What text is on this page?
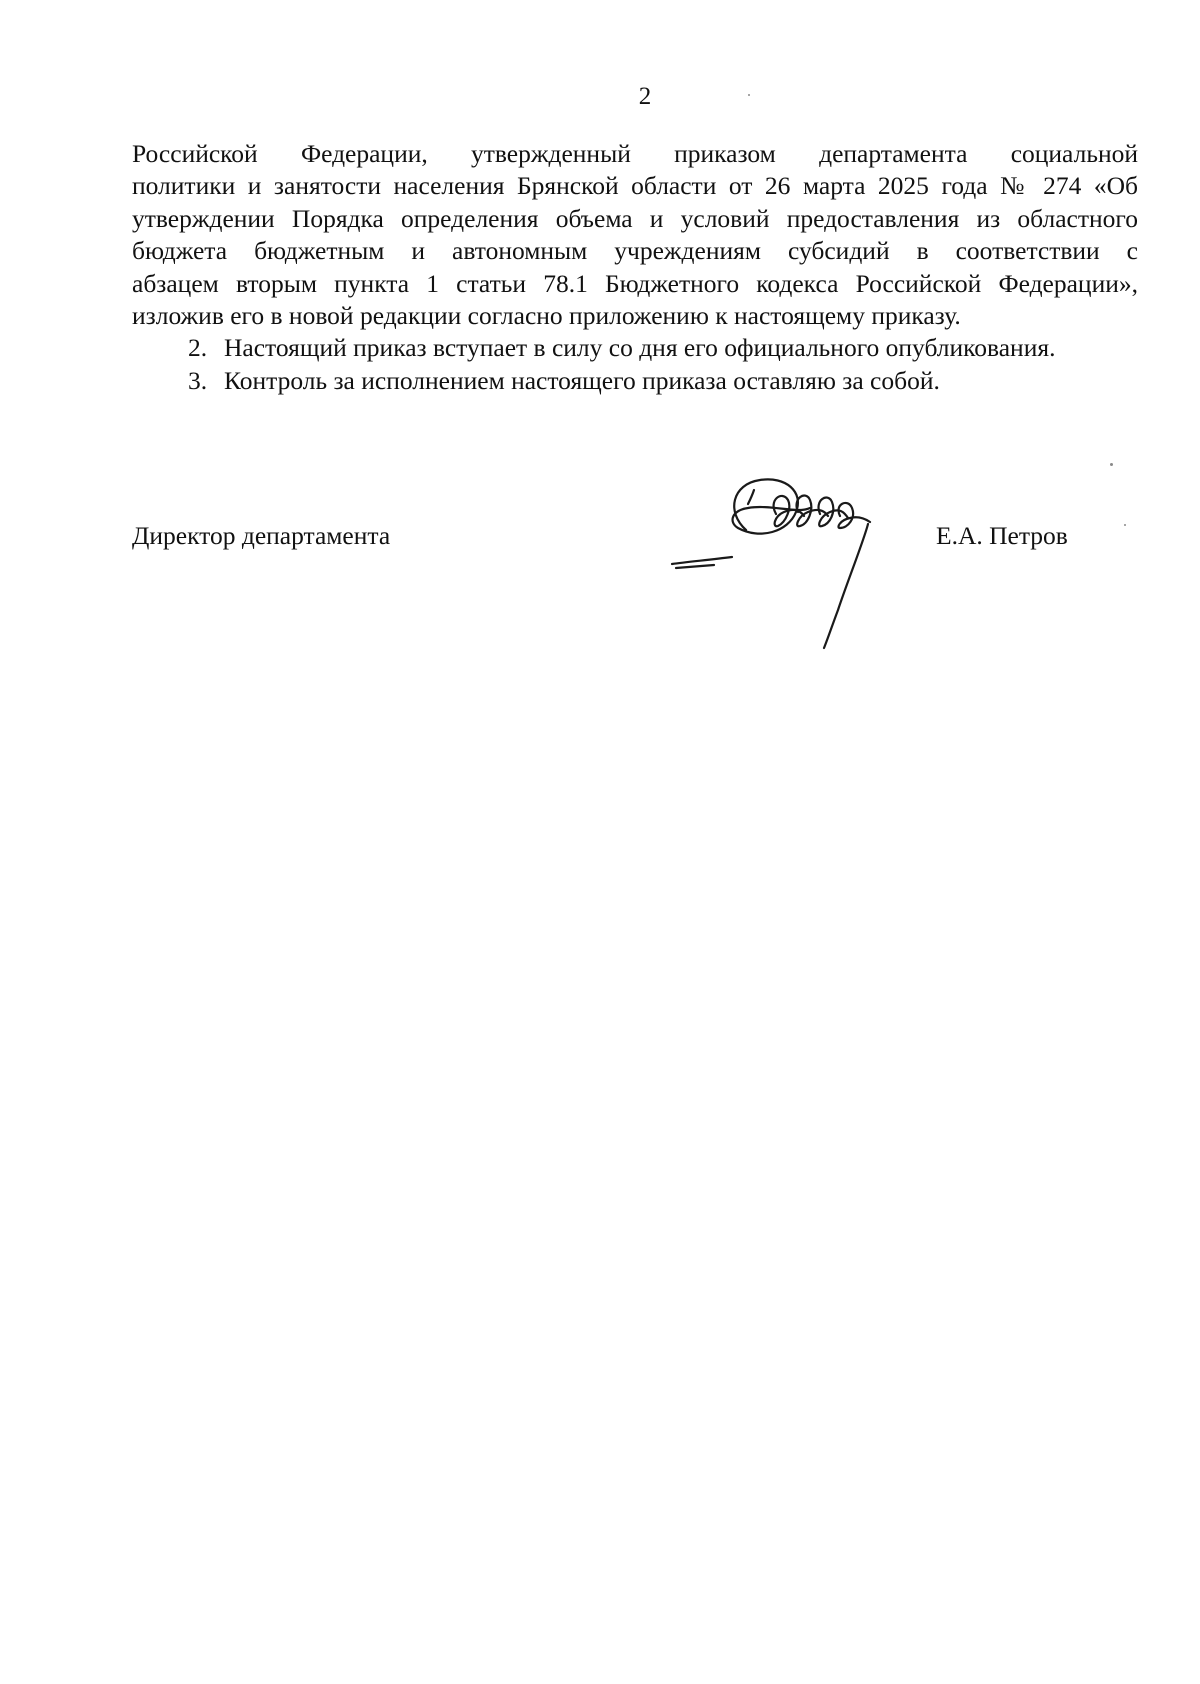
2

Российской Федерации, утвержденный приказом департамента социальной

политики и занятости населения Брянской области от 26 марта 2025 года № 274 «Об

утверждении Порядка определения объема и условий предоставления из областного

бюджета бюджетным и автономным учреждениям субсидий в соответствии с

абзацем вторым пункта 1 статьи 78.1 Бюджетного кодекса Российской Федерации»,

изложив его в новой редакции согласно приложению к настоящему приказу.

2. Настоящий приказ вступает в силу со дня его официального опубликования.
3. Контроль за исполнением настоящего приказа оставляю за собой.
Директор департамента	Е.А. Петров
